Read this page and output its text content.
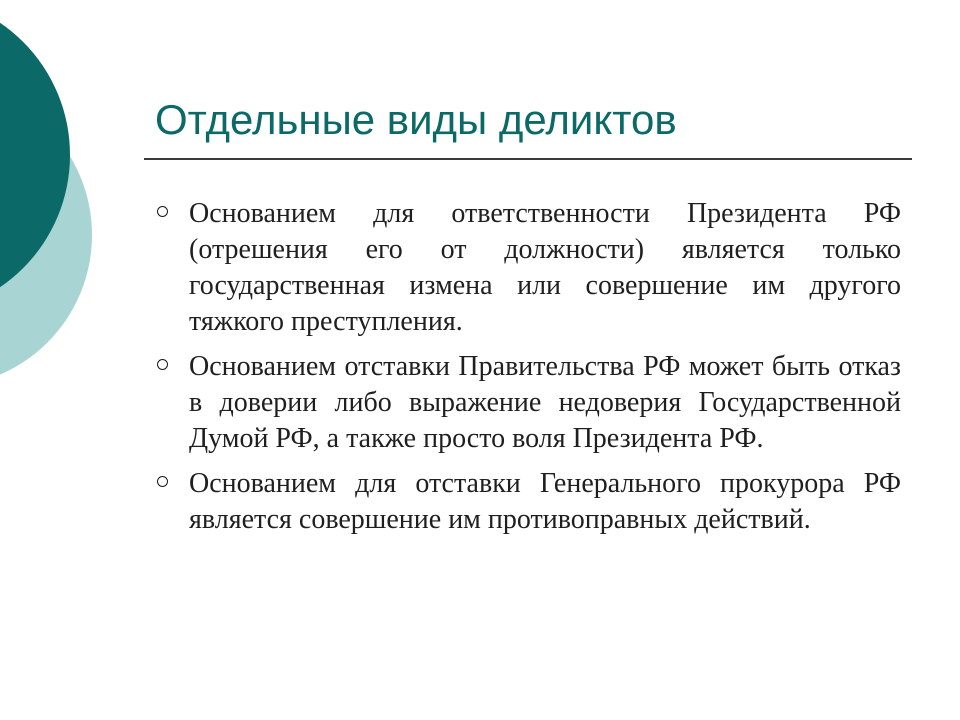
Отдельные виды деликтов
Основанием для ответственности Президента РФ (отрешения его от должности) является только государственная измена или совершение им другого тяжкого преступления.
Основанием отставки Правительства РФ может быть отказ в доверии либо выражение недоверия Государственной Думой РФ, а также просто воля Президента РФ.
Основанием для отставки Генерального прокурора РФ является совершение им противоправных действий.
